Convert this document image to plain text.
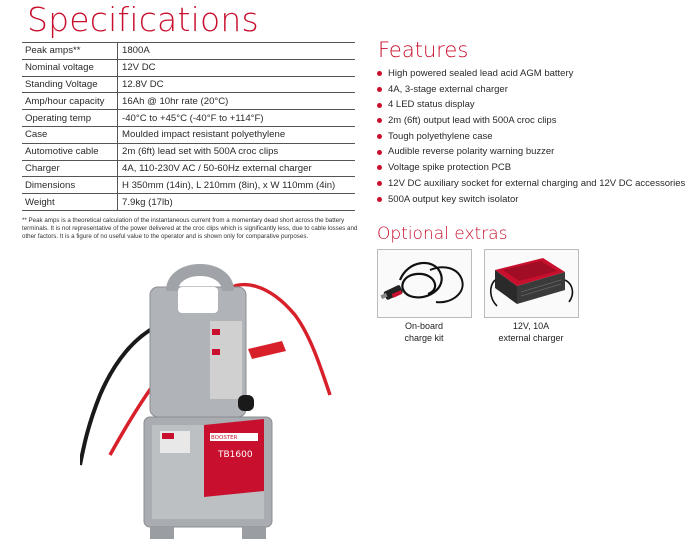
Specifications
Peak amps**	1800A
Nominal voltage	12V DC
Standing Voltage	12.8V DC
Amp/hour capacity	16Ah @ 10hr rate (20°C)
Operating temp	-40°C to +45°C (-40°F to +114°F)
Case	Moulded impact resistant polyethylene
Automotive cable	2m (6ft) lead set with 500A croc clips
Charger	4A, 110-230V AC / 50-60Hz external charger
Dimensions	H 350mm (14in), L 210mm (8in), x W 110mm (4in)
Weight	7.9kg (17lb)
** Peak amps is a theoretical calculation of the instantaneous current from a momentary dead short across the battery terminals. It is not representative of the power delivered at the croc clips which is significantly less, due to cable losses and other factors. It is a figure of no useful value to the operator and is shown only for comparative purposes.
Features
High powered sealed lead acid AGM battery
4A, 3-stage external charger
4 LED status display
2m (6ft) output lead with 500A croc clips
Tough polyethylene case
Audible reverse polarity warning buzzer
Voltage spike protection PCB
12V DC auxiliary socket for external charging and 12V DC accessories
500A output key switch isolator
Optional extras
On-board
charge kit
12V, 10A
external charger
TB1600
BOOSTER
